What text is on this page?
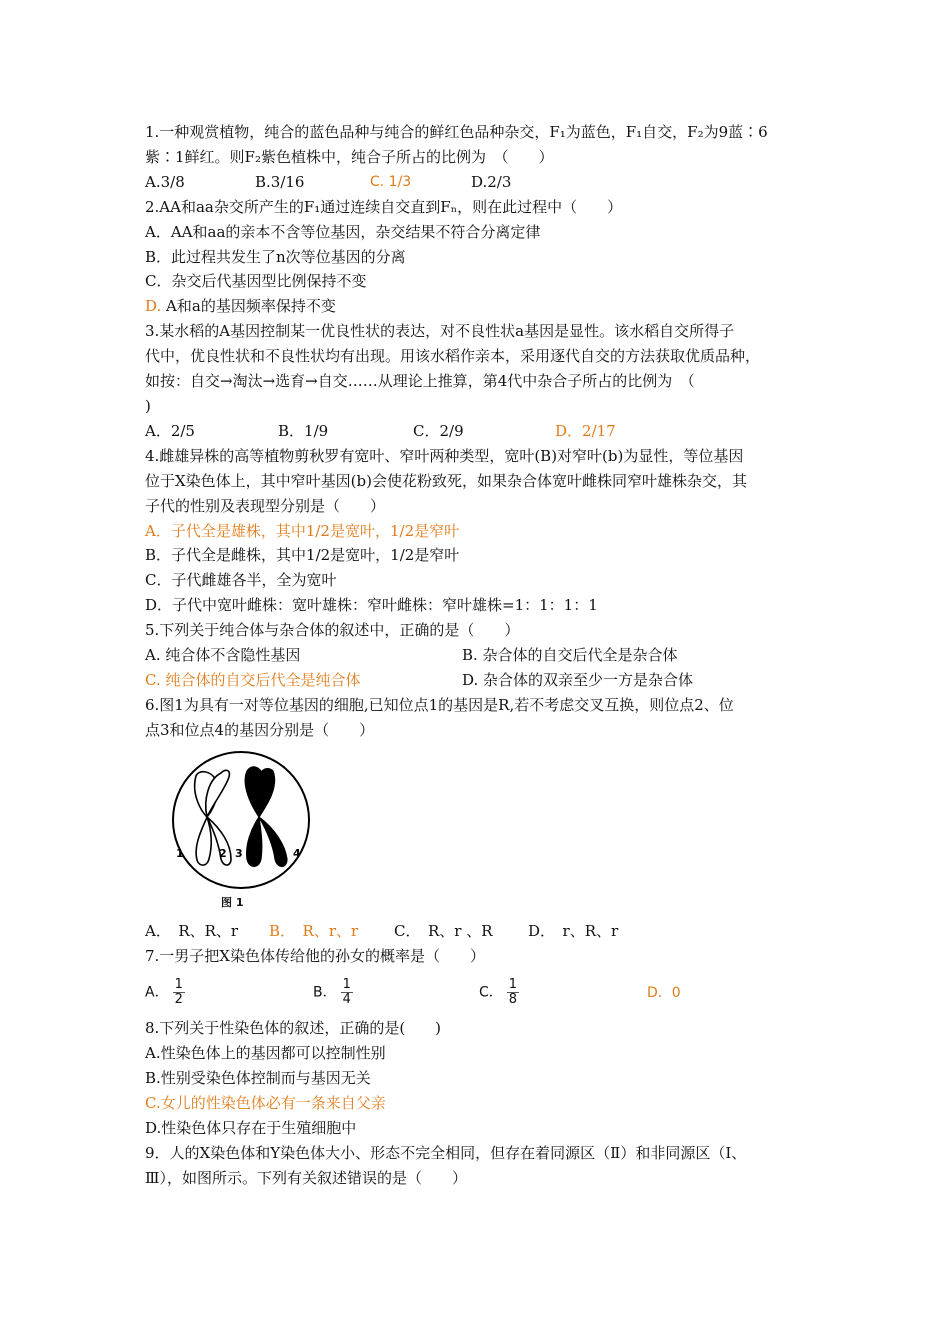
1.一种观赏植物，纯合的蓝色品种与纯合的鲜红色品种杂交，F₁为蓝色，F₁自交，F₂为9蓝∶6
紫∶1鲜红。则F₂紫色植株中，纯合子所占的比例为　（　　）
A.3/8	B.3/16	C. 1/3	D.2/3
2.AA和aa杂交所产生的F₁通过连续自交直到Fₙ，则在此过程中（　　）
A．AA和aa的亲本不含等位基因，杂交结果不符合分离定律
B．此过程共发生了n次等位基因的分离
C．杂交后代基因型比例保持不变
D. A和a的基因频率保持不变
3.某水稻的A基因控制某一优良性状的表达，对不良性状a基因是显性。该水稻自交所得子
代中，优良性状和不良性状均有出现。用该水稻作亲本，采用逐代自交的方法获取优质品种，
如按：自交→淘汰→选育→自交……从理论上推算，第4代中杂合子所占的比例为　（
)
A．2/5	B．1/9	C．2/9	D．2/17
4.雌雄异株的高等植物剪秋罗有宽叶、窄叶两种类型，宽叶(B)对窄叶(b)为显性，等位基因
位于X染色体上，其中窄叶基因(b)会使花粉致死，如果杂合体宽叶雌株同窄叶雄株杂交，其
子代的性别及表现型分别是（　　）
A．子代全是雄株，其中1/2是宽叶，1/2是窄叶
B．子代全是雌株，其中1/2是宽叶，1/2是窄叶
C．子代雌雄各半，全为宽叶
D．子代中宽叶雌株：宽叶雄株：窄叶雌株：窄叶雄株=1：1：1：1
5.下列关于纯合体与杂合体的叙述中，正确的是（　　）
A. 纯合体不含隐性基因	B. 杂合体的自交后代全是杂合体
C. 纯合体的自交后代全是纯合体	D. 杂合体的双亲至少一方是杂合体
6.图1为具有一对等位基因的细胞,已知位点1的基因是R,若不考虑交叉互换，则位点2、位
点3和位点4的基因分别是（　　）
1	2 3	4
图 1
A．　R、R、r	B．　R、r、r	C．　R、r 、R	D．　r、R、r
7.一男子把X染色体传给他的孙女的概率是（　　）
A． $\frac{1}{2}$	B． $\frac{1}{4}$	C． $\frac{1}{8}$	D．0
8.下列关于性染色体的叙述，正确的是(　　)
A.性染色体上的基因都可以控制性别
B.性别受染色体控制而与基因无关
C.女儿的性染色体必有一条来自父亲
D.性染色体只存在于生殖细胞中
9．人的X染色体和Y染色体大小、形态不完全相同，但存在着同源区（Ⅱ）和非同源区（Ⅰ、
Ⅲ），如图所示。下列有关叙述错误的是（　　）
